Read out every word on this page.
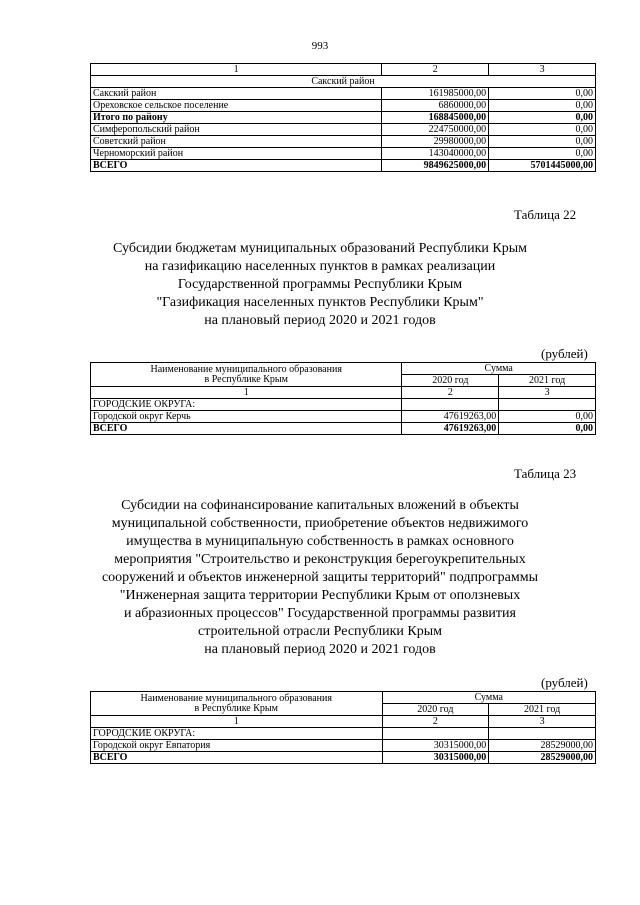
993
1	2	3
Сакский район		
Сакский район	161985000,00	0,00
Ореховское сельское поселение	6860000,00	0,00
Итого по району	168845000,00	0,00
Симферопольский район	224750000,00	0,00
Советский район	29980000,00	0,00
Черноморский район	143040000,00	0,00
ВСЕГО	9849625000,00	5701445000,00
Таблица 22
Субсидии бюджетам муниципальных образований Республики Крым
на газификацию населенных пунктов в рамках реализации
Государственной программы Республики Крым
"Газификация населенных пунктов Республики Крым"
на плановый период 2020 и 2021 годов
(рублей)
Наименование муниципального образования
в Республике Крым	Сумма	
	2020 год	2021 год
1	2	3
ГОРОДСКИЕ ОКРУГА:		
Городской округ Керчь	47619263,00	0,00
ВСЕГО	47619263,00	0,00
Таблица 23
Субсидии на софинансирование капитальных вложений в объекты
муниципальной собственности, приобретение объектов недвижимого
имущества в муниципальную собственность в рамках основного
мероприятия "Строительство и реконструкция берегоукрепительных
сооружений и объектов инженерной защиты территорий" подпрограммы
"Инженерная защита территории Республики Крым от оползневых
и абразионных процессов" Государственной программы развития
строительной отрасли Республики Крым
на плановый период 2020 и 2021 годов
(рублей)
Наименование муниципального образования
в Республике Крым	Сумма	
	2020 год	2021 год
1	2	3
ГОРОДСКИЕ ОКРУГА:		
Городской округ Евпатория	30315000,00	28529000,00
ВСЕГО	30315000,00	28529000,00
